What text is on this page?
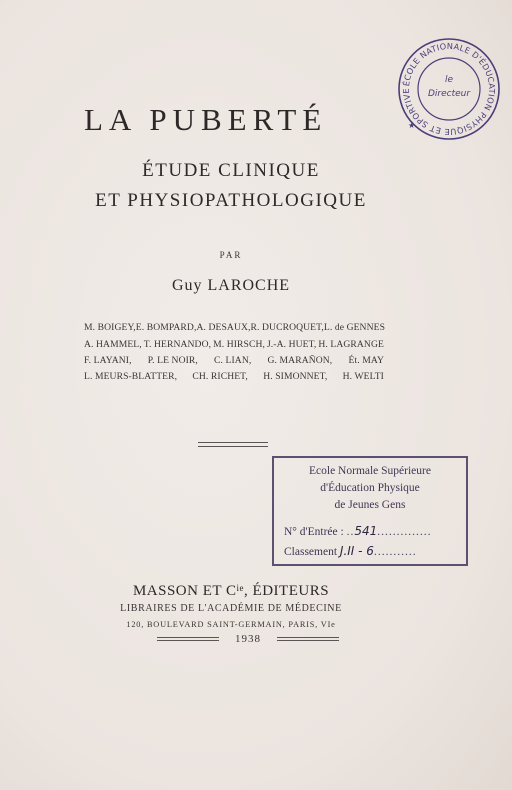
LA PUBERTÉ
ÉTUDE CLINIQUE
ET PHYSIOPATHOLOGIQUE
PAR
Guy LAROCHE
M. BOIGEY, E. BOMPARD, A. DESAUX, R. DUCROQUET, L. de GENNES
A. HAMMEL, T. HERNANDO, M. HIRSCH, J.-A. HUET, H. LAGRANGE
F. LAYANI, P. LE NOIR, C. LIAN, G. MARAÑON, Ét. MAY
L. MEURS-BLATTER, CH. RICHET, H. SIMONNET, H. WELTI
ÉCOLE NATIONALE D'ÉDUCATION PHYSIQUE ET SPORTIVE
le
Directeur
★
Ecole Normale Supérieure
d'Éducation Physique
de Jeunes Gens
N° d'Entrée : ..541..............
Classement J.II - 6...........
MASSON ET $C^{ie}$, ÉDITEURS
LIBRAIRES DE L'ACADÉMIE DE MÉDECINE
120, BOULEVARD SAINT-GERMAIN, PARIS, VIe
1938
